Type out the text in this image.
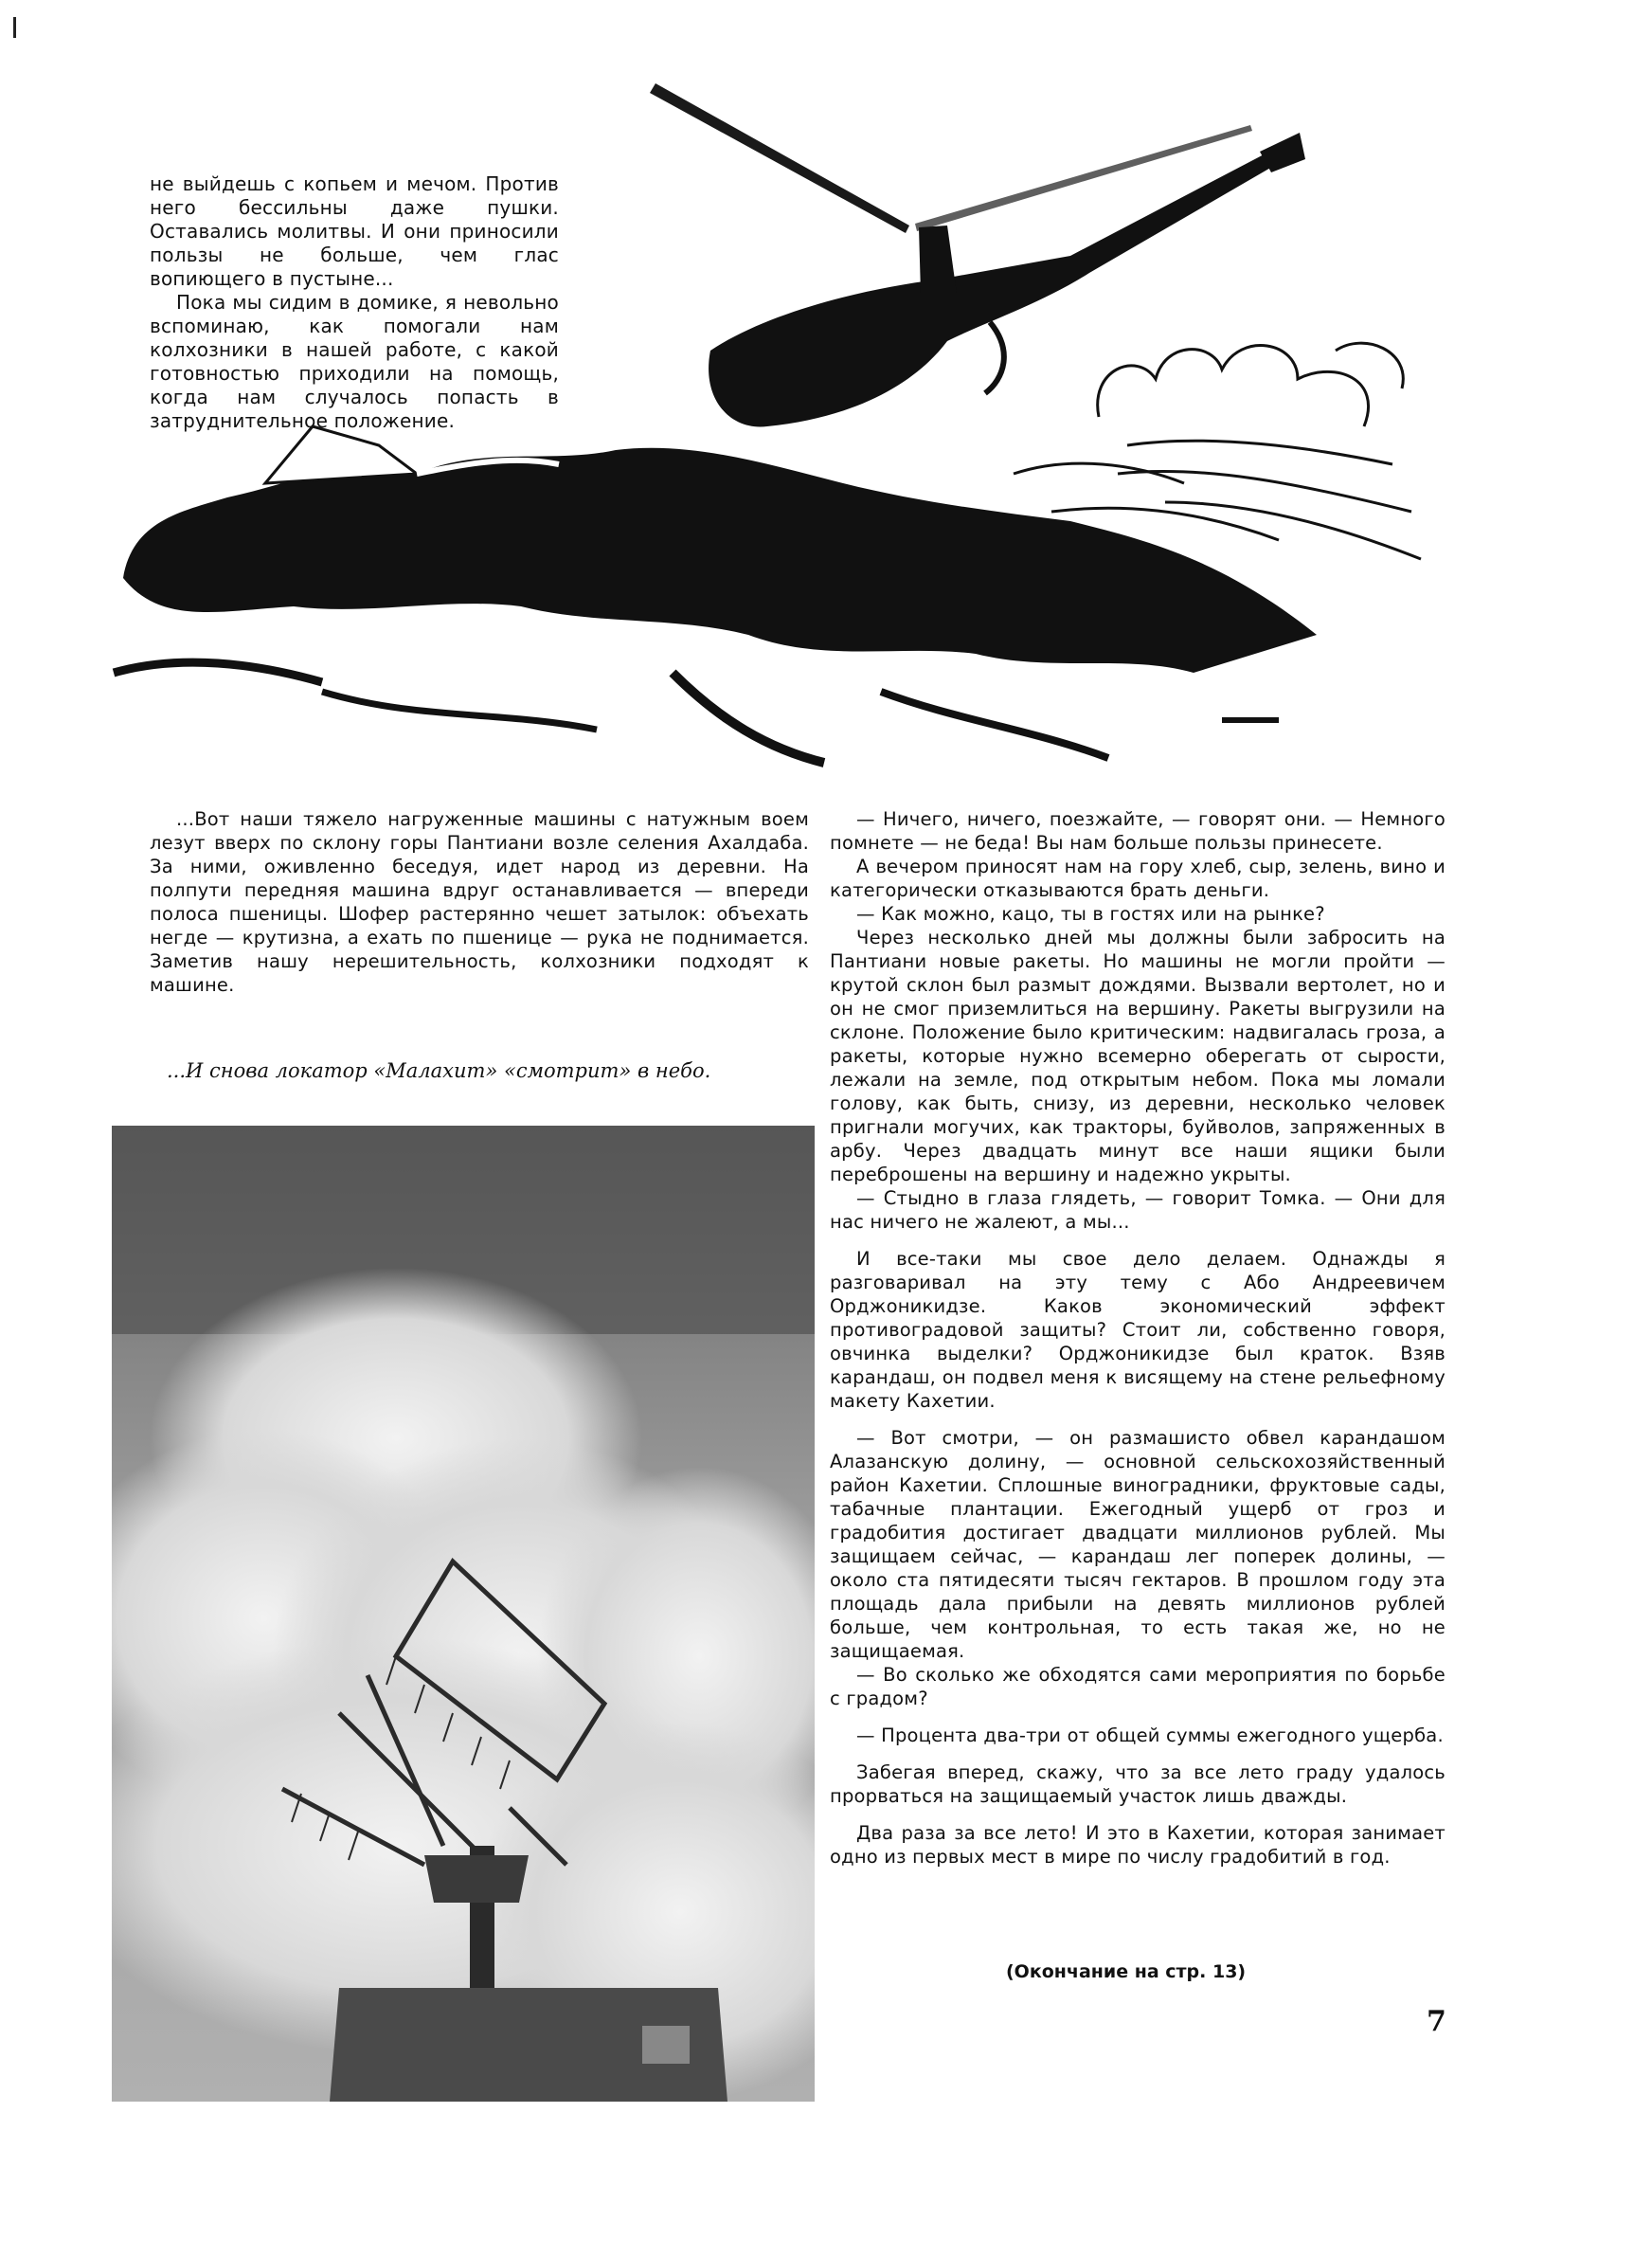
не выйдешь с копьем и мечом. Против него бессильны даже пушки. Оставались молитвы. И они приносили пользы не больше, чем глас вопиющего в пустыне...

Пока мы сидим в домике, я невольно вспоминаю, как помогали нам колхозники в нашей работе, с какой готовностью приходили на помощь, когда нам случалось попасть в затруднительное положение.

...Вот наши тяжело нагруженные машины с натужным воем лезут вверх по склону горы Пантиани возле селения Ахалдаба. За ними, оживленно беседуя, идет народ из деревни. На полпути передняя машина вдруг останавливается — впереди полоса пшеницы. Шофер растерянно чешет затылок: объехать негде — крутизна, а ехать по пшенице — рука не поднимается. Заметив нашу нерешительность, колхозники подходят к машине.

...И снова локатор «Малахит» «смотрит» в небо.

— Ничего, ничего, поезжайте, — говорят они. — Немного помнете — не беда! Вы нам больше пользы принесете.

А вечером приносят нам на гору хлеб, сыр, зелень, вино и категорически отказываются брать деньги.

— Как можно, кацо, ты в гостях или на рынке?

Через несколько дней мы должны были забросить на Пантиани новые ракеты. Но машины не могли пройти — крутой склон был размыт дождями. Вызвали вертолет, но и он не смог приземлиться на вершину. Ракеты выгрузили на склоне. Положение было критическим: надвигалась гроза, а ракеты, которые нужно всемерно оберегать от сырости, лежали на земле, под открытым небом. Пока мы ломали голову, как быть, снизу, из деревни, несколько человек пригнали могучих, как тракторы, буйволов, запряженных в арбу. Через двадцать минут все наши ящики были переброшены на вершину и надежно укрыты.

— Стыдно в глаза глядеть, — говорит Томка. — Они для нас ничего не жалеют, а мы...

И все-таки мы свое дело делаем. Однажды я разговаривал на эту тему с Або Андреевичем Орджоникидзе. Каков экономический эффект противоградовой защиты? Стоит ли, собственно говоря, овчинка выделки? Орджоникидзе был краток. Взяв карандаш, он подвел меня к висящему на стене рельефному макету Кахетии.

— Вот смотри, — он размашисто обвел карандашом Алазанскую долину, — основной сельскохозяйственный район Кахетии. Сплошные виноградники, фруктовые сады, табачные плантации. Ежегодный ущерб от гроз и градобития достигает двадцати миллионов рублей. Мы защищаем сейчас, — карандаш лег поперек долины, — около ста пятидесяти тысяч гектаров. В прошлом году эта площадь дала прибыли на девять миллионов рублей больше, чем контрольная, то есть такая же, но не защищаемая.

— Во сколько же обходятся сами мероприятия по борьбе с градом?

— Процента два-три от общей суммы ежегодного ущерба.

Забегая вперед, скажу, что за все лето граду удалось прорваться на защищаемый участок лишь дважды.

Два раза за все лето! И это в Кахетии, которая занимает одно из первых мест в мире по числу градобитий в год.

(Окончание на стр. 13)
7
